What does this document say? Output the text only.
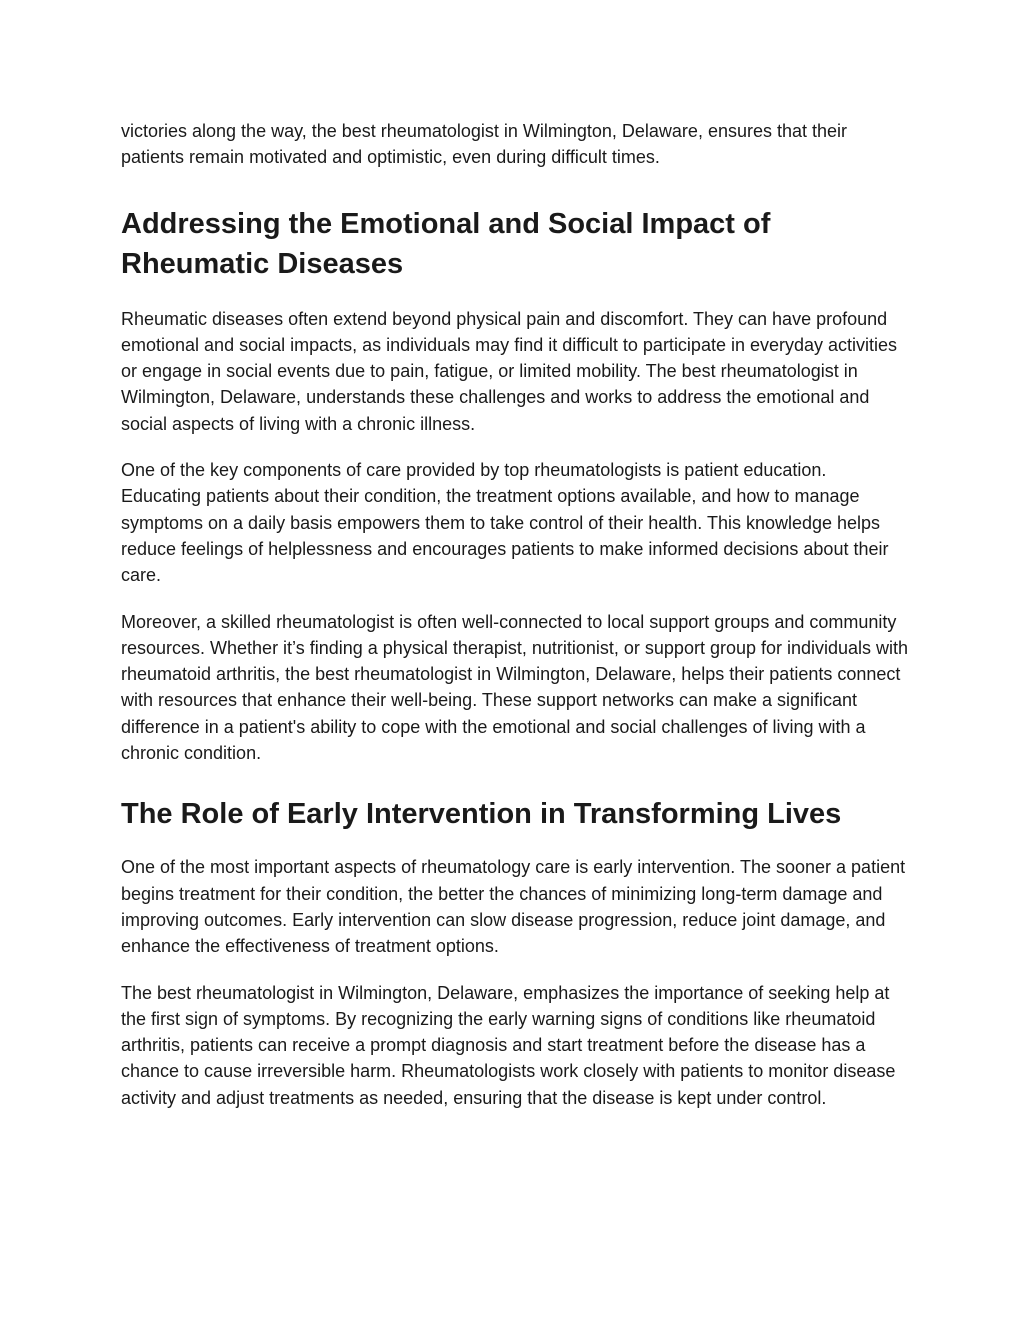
victories along the way, the best rheumatologist in Wilmington, Delaware, ensures that their patients remain motivated and optimistic, even during difficult times.

Addressing the Emotional and Social Impact of Rheumatic Diseases

Rheumatic diseases often extend beyond physical pain and discomfort. They can have profound emotional and social impacts, as individuals may find it difficult to participate in everyday activities or engage in social events due to pain, fatigue, or limited mobility. The best rheumatologist in Wilmington, Delaware, understands these challenges and works to address the emotional and social aspects of living with a chronic illness.

One of the key components of care provided by top rheumatologists is patient education. Educating patients about their condition, the treatment options available, and how to manage symptoms on a daily basis empowers them to take control of their health. This knowledge helps reduce feelings of helplessness and encourages patients to make informed decisions about their care.

Moreover, a skilled rheumatologist is often well-connected to local support groups and community resources. Whether it’s finding a physical therapist, nutritionist, or support group for individuals with rheumatoid arthritis, the best rheumatologist in Wilmington, Delaware, helps their patients connect with resources that enhance their well-being. These support networks can make a significant difference in a patient's ability to cope with the emotional and social challenges of living with a chronic condition.

The Role of Early Intervention in Transforming Lives

One of the most important aspects of rheumatology care is early intervention. The sooner a patient begins treatment for their condition, the better the chances of minimizing long-term damage and improving outcomes. Early intervention can slow disease progression, reduce joint damage, and enhance the effectiveness of treatment options.

The best rheumatologist in Wilmington, Delaware, emphasizes the importance of seeking help at the first sign of symptoms. By recognizing the early warning signs of conditions like rheumatoid arthritis, patients can receive a prompt diagnosis and start treatment before the disease has a chance to cause irreversible harm. Rheumatologists work closely with patients to monitor disease activity and adjust treatments as needed, ensuring that the disease is kept under control.
